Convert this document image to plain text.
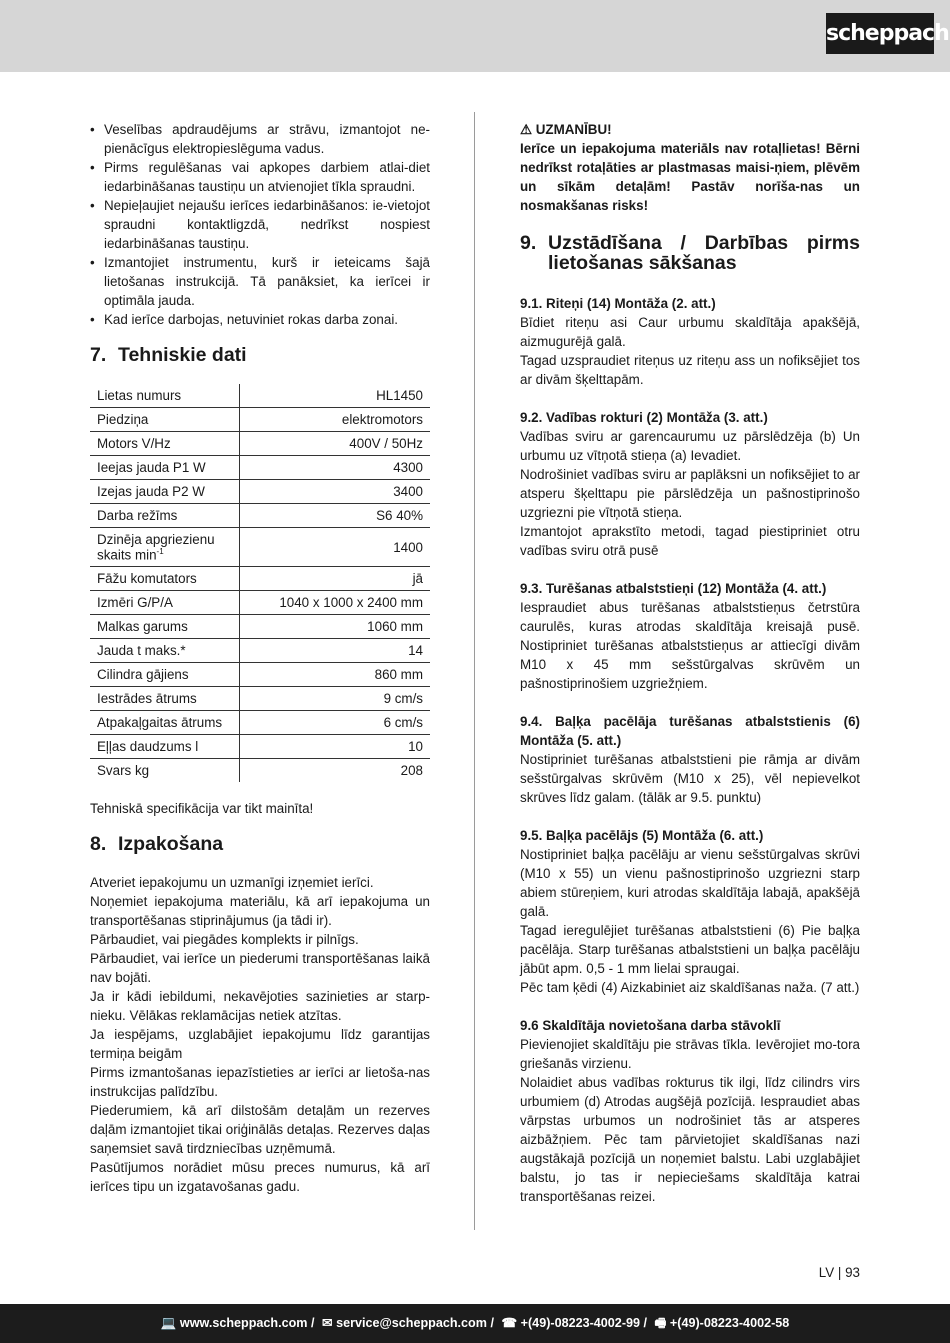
scheppach
• Veselības apdraudējums ar strāvu, izmantojot ne-pienācīgus elektropieslēguma vadus.
• Pirms regulēšanas vai apkopes darbiem atlai-diet iedarbināšanas taustiņu un atvienojiet tīkla spraudni.
• Nepieļaujiet nejaušu ierīces iedarbināšanos: ie-vietojot spraudni kontaktligzdā, nedrīkst nospiest iedarbināšanas taustiņu.
• Izmantojiet instrumentu, kurš ir ieteicams šajā lietošanas instrukcijā. Tā panāksiet, ka ierīcei ir optimāla jauda.
• Kad ierīce darbojas, netuviniet rokas darba zonai.
7. Tehniskie dati
Lietas numurs	HL1450
Piedziņa	elektromotors
Motors V/Hz	400V / 50Hz
Ieejas jauda P1 W	4300
Izejas jauda P2 W	3400
Darba režīms	S6 40%
Dzinēja apgriezienu skaits $\min^{-1}$	1400
Fāžu komutators	jā
Izmēri G/P/A	1040 x 1000 x 2400 mm
Malkas garums	1060 mm
Jauda t maks.*	14
Cilindra gājiens	860 mm
Iestrādes ātrums	9 cm/s
Atpakaļgaitas ātrums	6 cm/s
Eļļas daudzums l	10
Svars kg	208

Tehniskā specifikācija var tikt mainīta!

8. Izpakošana

Atveriet iepakojumu un uzmanīgi izņemiet ierīci.

Noņemiet iepakojuma materiālu, kā arī iepakojuma un transportēšanas stiprinājumus (ja tādi ir).

Pārbaudiet, vai piegādes komplekts ir pilnīgs.

Pārbaudiet, vai ierīce un piederumi transportēšanas laikā nav bojāti.

Ja ir kādi iebildumi, nekavējoties sazinieties ar starp-nieku. Vēlākas reklamācijas netiek atzītas.

Ja iespējams, uzglabājiet iepakojumu līdz garantijas termiņa beigām

Pirms izmantošanas iepazīstieties ar ierīci ar lietoša-nas instrukcijas palīdzību.

Piederumiem, kā arī dilstošām detaļām un rezerves daļām izmantojiet tikai oriģinālās detaļas. Rezerves daļas saņemsiet savā tirdzniecības uzņēmumā.

Pasūtījumos norādiet mūsu preces numurus, kā arī ierīces tipu un izgatavošanas gadu.

⚠ UZMANĪBU!
Ierīce un iepakojuma materiāls nav rotaļlietas! Bērni nedrīkst rotaļāties ar plastmasas maisi-ņiem, plēvēm un sīkām detaļām! Pastāv norīša-nas un nosmakšanas risks!
9. Uzstādīšana / Darbības pirms
lietošanas sākšanas

9.1. Riteņi (14) Montāža (2. att.)

Bīdiet riteņu asi Caur urbumu skaldītāja apakšējā, aizmugurējā galā.

Tagad uzspraudiet riteņus uz riteņu ass un nofiksējiet tos ar divām šķelttapām.

9.2. Vadības rokturi (2) Montāža (3. att.)

Vadības sviru ar garencaurumu uz pārslēdzēja (b) Un urbumu uz vītņotā stieņa (a) Ievadiet.

Nodrošiniet vadības sviru ar paplāksni un nofiksējiet to ar atsperu šķelttapu pie pārslēdzēja un pašnostiprinošo uzgriezni pie vītņotā stieņa.

Izmantojot aprakstīto metodi, tagad piestipriniet otru vadības sviru otrā pusē

9.3. Turēšanas atbalststieņi (12) Montāža (4. att.)

Iespraudiet abus turēšanas atbalststieņus četrstūra caurulēs, kuras atrodas skaldītāja kreisajā pusē. Nostipriniet turēšanas atbalststieņus ar attiecīgi divām M10 x 45 mm sešstūrgalvas skrūvēm un pašnostiprinošiem uzgriežņiem.

9.4. Baļķa pacēlāja turēšanas atbalststienis (6) Montāža (5. att.)

Nostipriniet turēšanas atbalststieni pie rāmja ar divām sešstūrgalvas skrūvēm (M10 x 25), vēl nepievelkot skrūves līdz galam. (tālāk ar 9.5. punktu)

9.5. Baļķa pacēlājs (5) Montāža (6. att.)

Nostipriniet baļķa pacēlāju ar vienu sešstūrgalvas skrūvi (M10 x 55) un vienu pašnostiprinošo uzgriezni starp abiem stūreņiem, kuri atrodas skaldītāja labajā, apakšējā galā.

Tagad ieregulējiet turēšanas atbalststieni (6) Pie baļķa pacēlāja. Starp turēšanas atbalststieni un baļķa pacēlāju jābūt apm. 0,5 - 1 mm lielai spraugai.

Pēc tam ķēdi (4) Aizkabiniet aiz skaldīšanas naža. (7 att.)

9.6 Skaldītāja novietošana darba stāvoklī

Pievienojiet skaldītāju pie strāvas tīkla. Ievērojiet mo-tora griešanās virzienu.

Nolaidiet abus vadības rokturus tik ilgi, līdz cilindrs virs urbumiem (d) Atrodas augšējā pozīcijā. Iespraudiet abas vārpstas urbumos un nodrošiniet tās ar atsperes aizbāžņiem. Pēc tam pārvietojiet skaldīšanas nazi augstākajā pozīcijā un noņemiet balstu. Labi uzglabājiet balstu, jo tas ir nepieciešams skaldītāja katrai transportēšanas reizei.

LV | 93
💻 www.scheppach.com / ✉ service@scheppach.com / ☎ +(49)-08223-4002-99 / 🖷 +(49)-08223-4002-58
